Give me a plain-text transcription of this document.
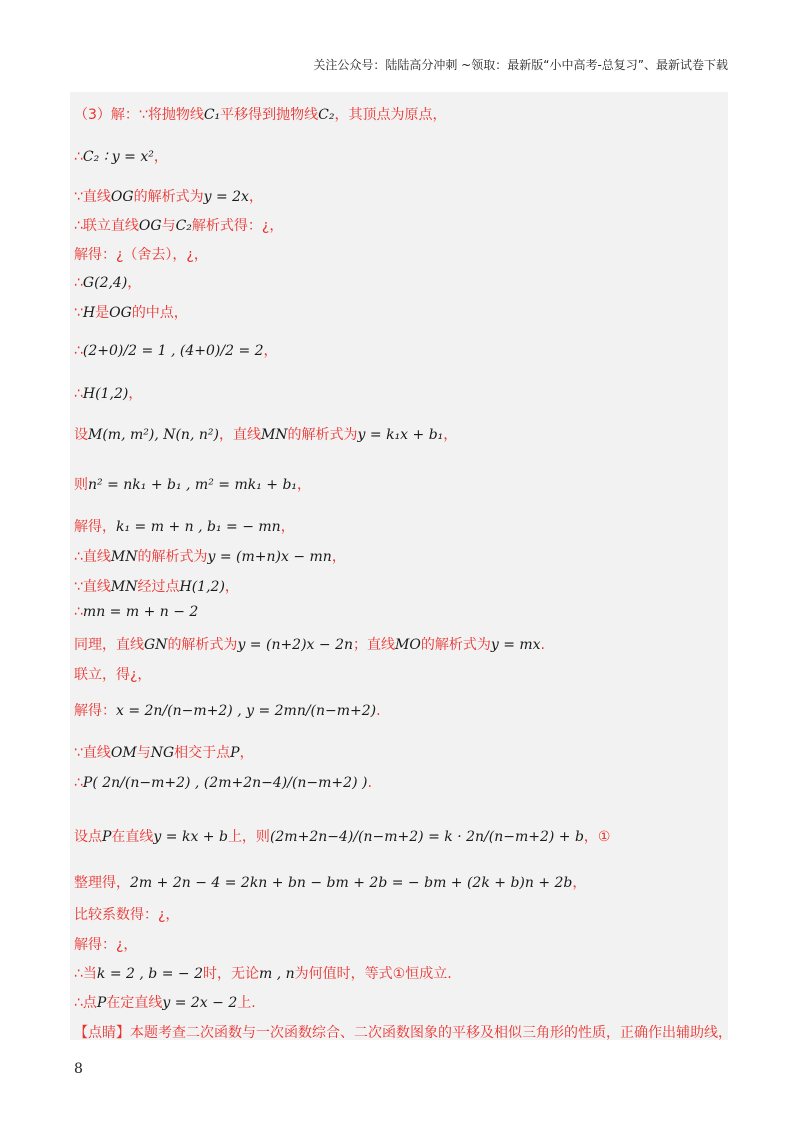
关注公众号：陆陆高分冲刺 ~领取：最新版“小中高考-总复习”、最新试卷下载
（3）解：∵将抛物线C₁平移得到抛物线C₂，其顶点为原点，
∴C₂ ∶ y = x²，
∵直线OG的解析式为y = 2x，
∴联立直线OG与C₂解析式得：¿，
解得：¿（舍去），¿，
∴G(2,4)，
∵H是OG的中点，
∴(2+0)/2 = 1 , (4+0)/2 = 2，
∴H(1,2)，
设M(m, m²), N(n, n²)，直线MN的解析式为y = k₁x + b₁，
则n² = nk₁ + b₁ , m² = mk₁ + b₁，
解得，k₁ = m + n , b₁ = − mn，
∴直线MN的解析式为y = (m+n)x − mn，
∵直线MN经过点H(1,2)，
∴mn = m + n − 2
同理，直线GN的解析式为y = (n+2)x − 2n；直线MO的解析式为y = mx.
联立，得¿，
解得：x = 2n/(n−m+2) , y = 2mn/(n−m+2).
∵直线OM与NG相交于点P，
∴P( 2n/(n−m+2) , (2m+2n−4)/(n−m+2) ).
设点P在直线y = kx + b上，则(2m+2n−4)/(n−m+2) = k · 2n/(n−m+2) + b，①
整理得，2m + 2n − 4 = 2kn + bn − bm + 2b = − bm + (2k + b)n + 2b，
比较系数得：¿，
解得：¿，
∴当k = 2 , b = − 2时，无论m , n为何值时，等式①恒成立.
∴点P在定直线y = 2x − 2上.
【点睛】本题考查二次函数与一次函数综合、二次函数图象的平移及相似三角形的性质，正确作出辅助线，
8
